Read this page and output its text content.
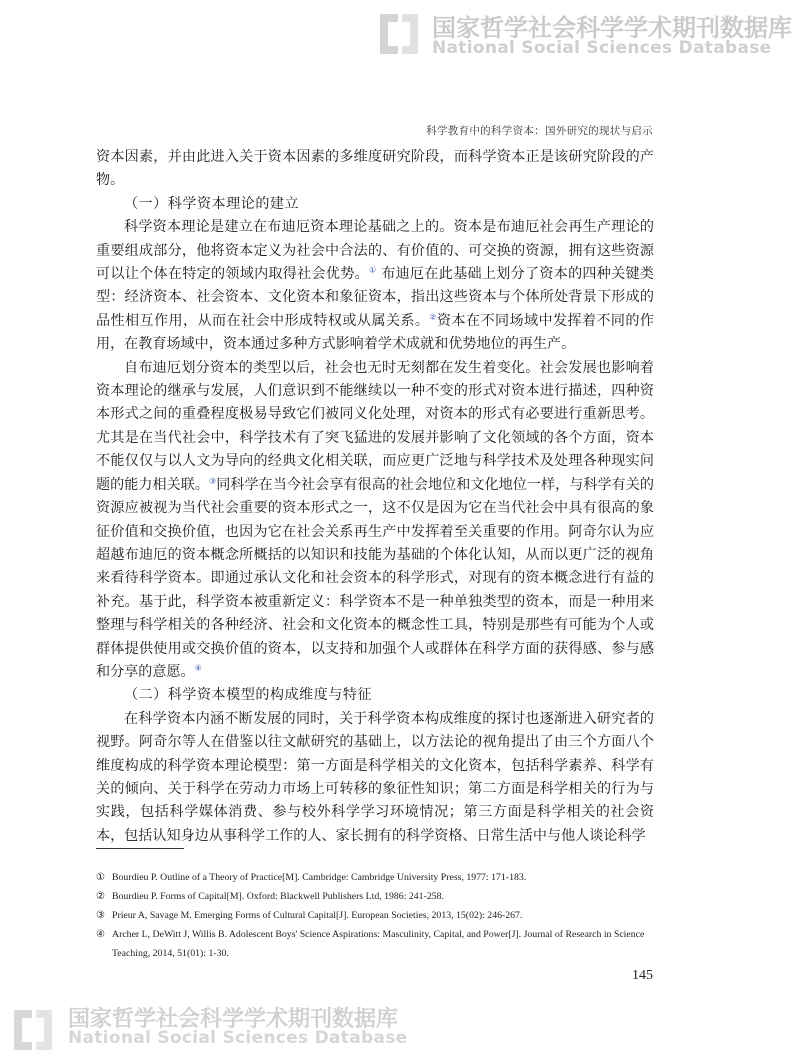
国家哲学社会科学学术期刊数据库
National Social Sciences Database
科学教育中的科学资本：国外研究的现状与启示

资本因素，并由此进入关于资本因素的多维度研究阶段，而科学资本正是该研究阶段的产物。

（一）科学资本理论的建立

科学资本理论是建立在布迪厄资本理论基础之上的。资本是布迪厄社会再生产理论的重要组成部分，他将资本定义为社会中合法的、有价值的、可交换的资源，拥有这些资源可以让个体在特定的领域内取得社会优势。① 布迪厄在此基础上划分了资本的四种关键类型：经济资本、社会资本、文化资本和象征资本，指出这些资本与个体所处背景下形成的品性相互作用，从而在社会中形成特权或从属关系。②资本在不同场域中发挥着不同的作用，在教育场域中，资本通过多种方式影响着学术成就和优势地位的再生产。

自布迪厄划分资本的类型以后，社会也无时无刻都在发生着变化。社会发展也影响着资本理论的继承与发展，人们意识到不能继续以一种不变的形式对资本进行描述，四种资本形式之间的重叠程度极易导致它们被同义化处理，对资本的形式有必要进行重新思考。尤其是在当代社会中，科学技术有了突飞猛进的发展并影响了文化领域的各个方面，资本不能仅仅与以人文为导向的经典文化相关联，而应更广泛地与科学技术及处理各种现实问题的能力相关联。③同科学在当今社会享有很高的社会地位和文化地位一样，与科学有关的资源应被视为当代社会重要的资本形式之一，这不仅是因为它在当代社会中具有很高的象征价值和交换价值，也因为它在社会关系再生产中发挥着至关重要的作用。阿奇尔认为应超越布迪厄的资本概念所概括的以知识和技能为基础的个体化认知，从而以更广泛的视角来看待科学资本。即通过承认文化和社会资本的科学形式，对现有的资本概念进行有益的补充。基于此，科学资本被重新定义：科学资本不是一种单独类型的资本，而是一种用来整理与科学相关的各种经济、社会和文化资本的概念性工具，特别是那些有可能为个人或群体提供使用或交换价值的资本，以支持和加强个人或群体在科学方面的获得感、参与感和分享的意愿。④

（二）科学资本模型的构成维度与特征

在科学资本内涵不断发展的同时，关于科学资本构成维度的探讨也逐渐进入研究者的视野。阿奇尔等人在借鉴以往文献研究的基础上，以方法论的视角提出了由三个方面八个维度构成的科学资本理论模型：第一方面是科学相关的文化资本，包括科学素养、科学有关的倾向、关于科学在劳动力市场上可转移的象征性知识；第二方面是科学相关的行为与实践，包括科学媒体消费、参与校外科学学习环境情况；第三方面是科学相关的社会资本，包括认知身边从事科学工作的人、家长拥有的科学资格、日常生活中与他人谈论科学

① Bourdieu P. Outline of a Theory of Practice[M]. Cambridge: Cambridge University Press, 1977: 171-183.
② Bourdieu P. Forms of Capital[M]. Oxford: Blackwell Publishers Ltd, 1986: 241-258.
③ Prieur A, Savage M. Emerging Forms of Cultural Capital[J]. European Societies, 2013, 15(02): 246-267.
④ Archer L, DeWitt J, Willis B. Adolescent Boys' Science Aspirations: Masculinity, Capital, and Power[J]. Journal of Research in Science Teaching, 2014, 51(01): 1-30.
145
国家哲学社会科学学术期刊数据库
National Social Sciences Database
